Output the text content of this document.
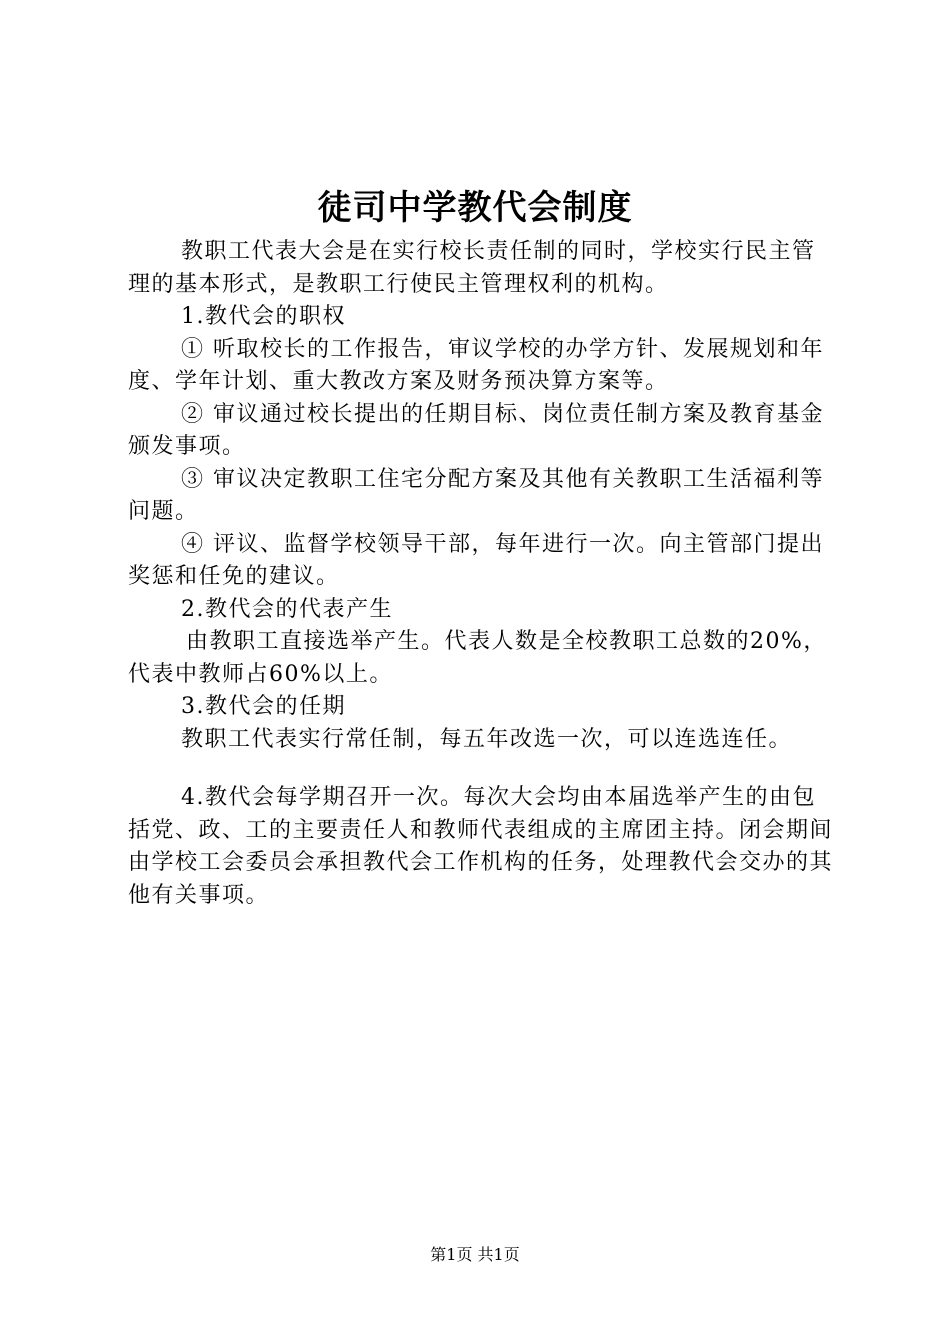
徒司中学教代会制度

教职工代表大会是在实行校长责任制的同时，学校实行民主管理的基本形式，是教职工行使民主管理权利的机构。

1.教代会的职权

① 听取校长的工作报告，审议学校的办学方针、发展规划和年度、学年计划、重大教改方案及财务预决算方案等。

② 审议通过校长提出的任期目标、岗位责任制方案及教育基金颁发事项。

③ 审议决定教职工住宅分配方案及其他有关教职工生活福利等问题。

④ 评议、监督学校领导干部，每年进行一次。向主管部门提出奖惩和任免的建议。

2.教代会的代表产生

由教职工直接选举产生。代表人数是全校教职工总数的20%，代表中教师占60%以上。

3.教代会的任期

教职工代表实行常任制，每五年改选一次，可以连选连任。

4.教代会每学期召开一次。每次大会均由本届选举产生的由包括党、政、工的主要责任人和教师代表组成的主席团主持。闭会期间由学校工会委员会承担教代会工作机构的任务，处理教代会交办的其他有关事项。

第1页 共1页
